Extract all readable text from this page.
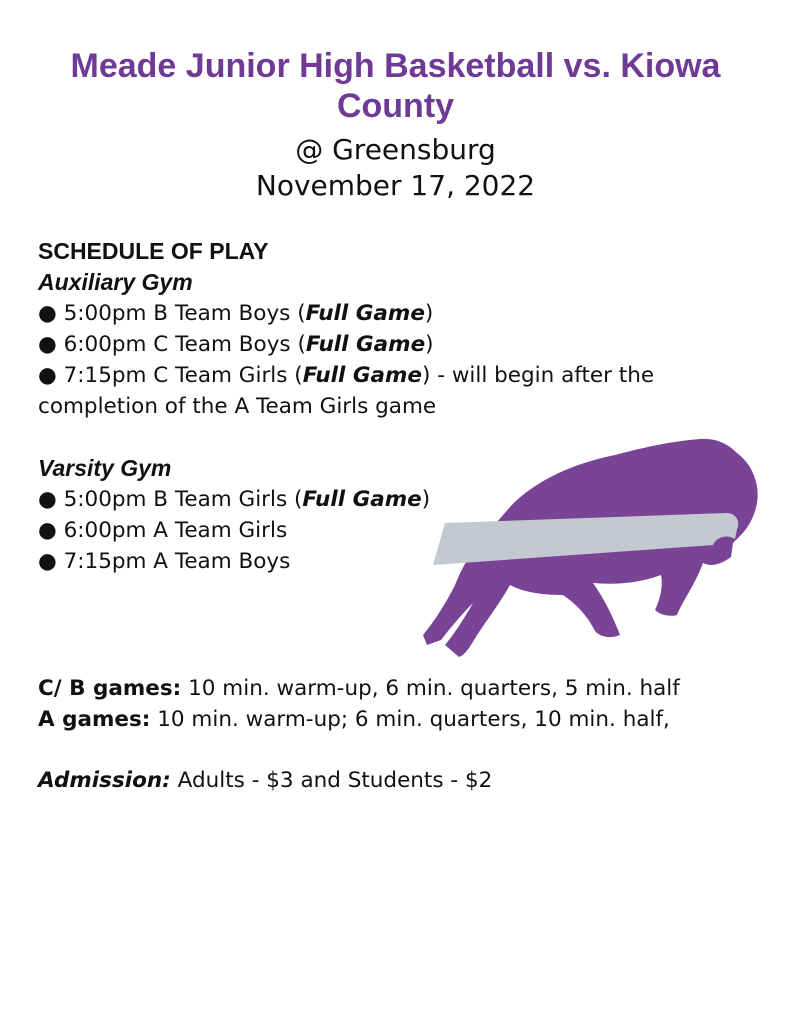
Meade Junior High Basketball vs. Kiowa
County
@ Greensburg
November 17, 2022
SCHEDULE OF PLAY
Auxiliary Gym
● 5:00pm B Team Boys (Full Game)
● 6:00pm C Team Boys (Full Game)
● 7:15pm C Team Girls (Full Game) - will begin after the completion of the A Team Girls game
Varsity Gym
● 5:00pm B Team Girls (Full Game)
● 6:00pm A Team Girls
● 7:15pm A Team Boys
C/ B games: 10 min. warm-up, 6 min. quarters, 5 min. half
A games: 10 min. warm-up; 6 min. quarters, 10 min. half,
Admission: Adults - $3 and Students - $2
